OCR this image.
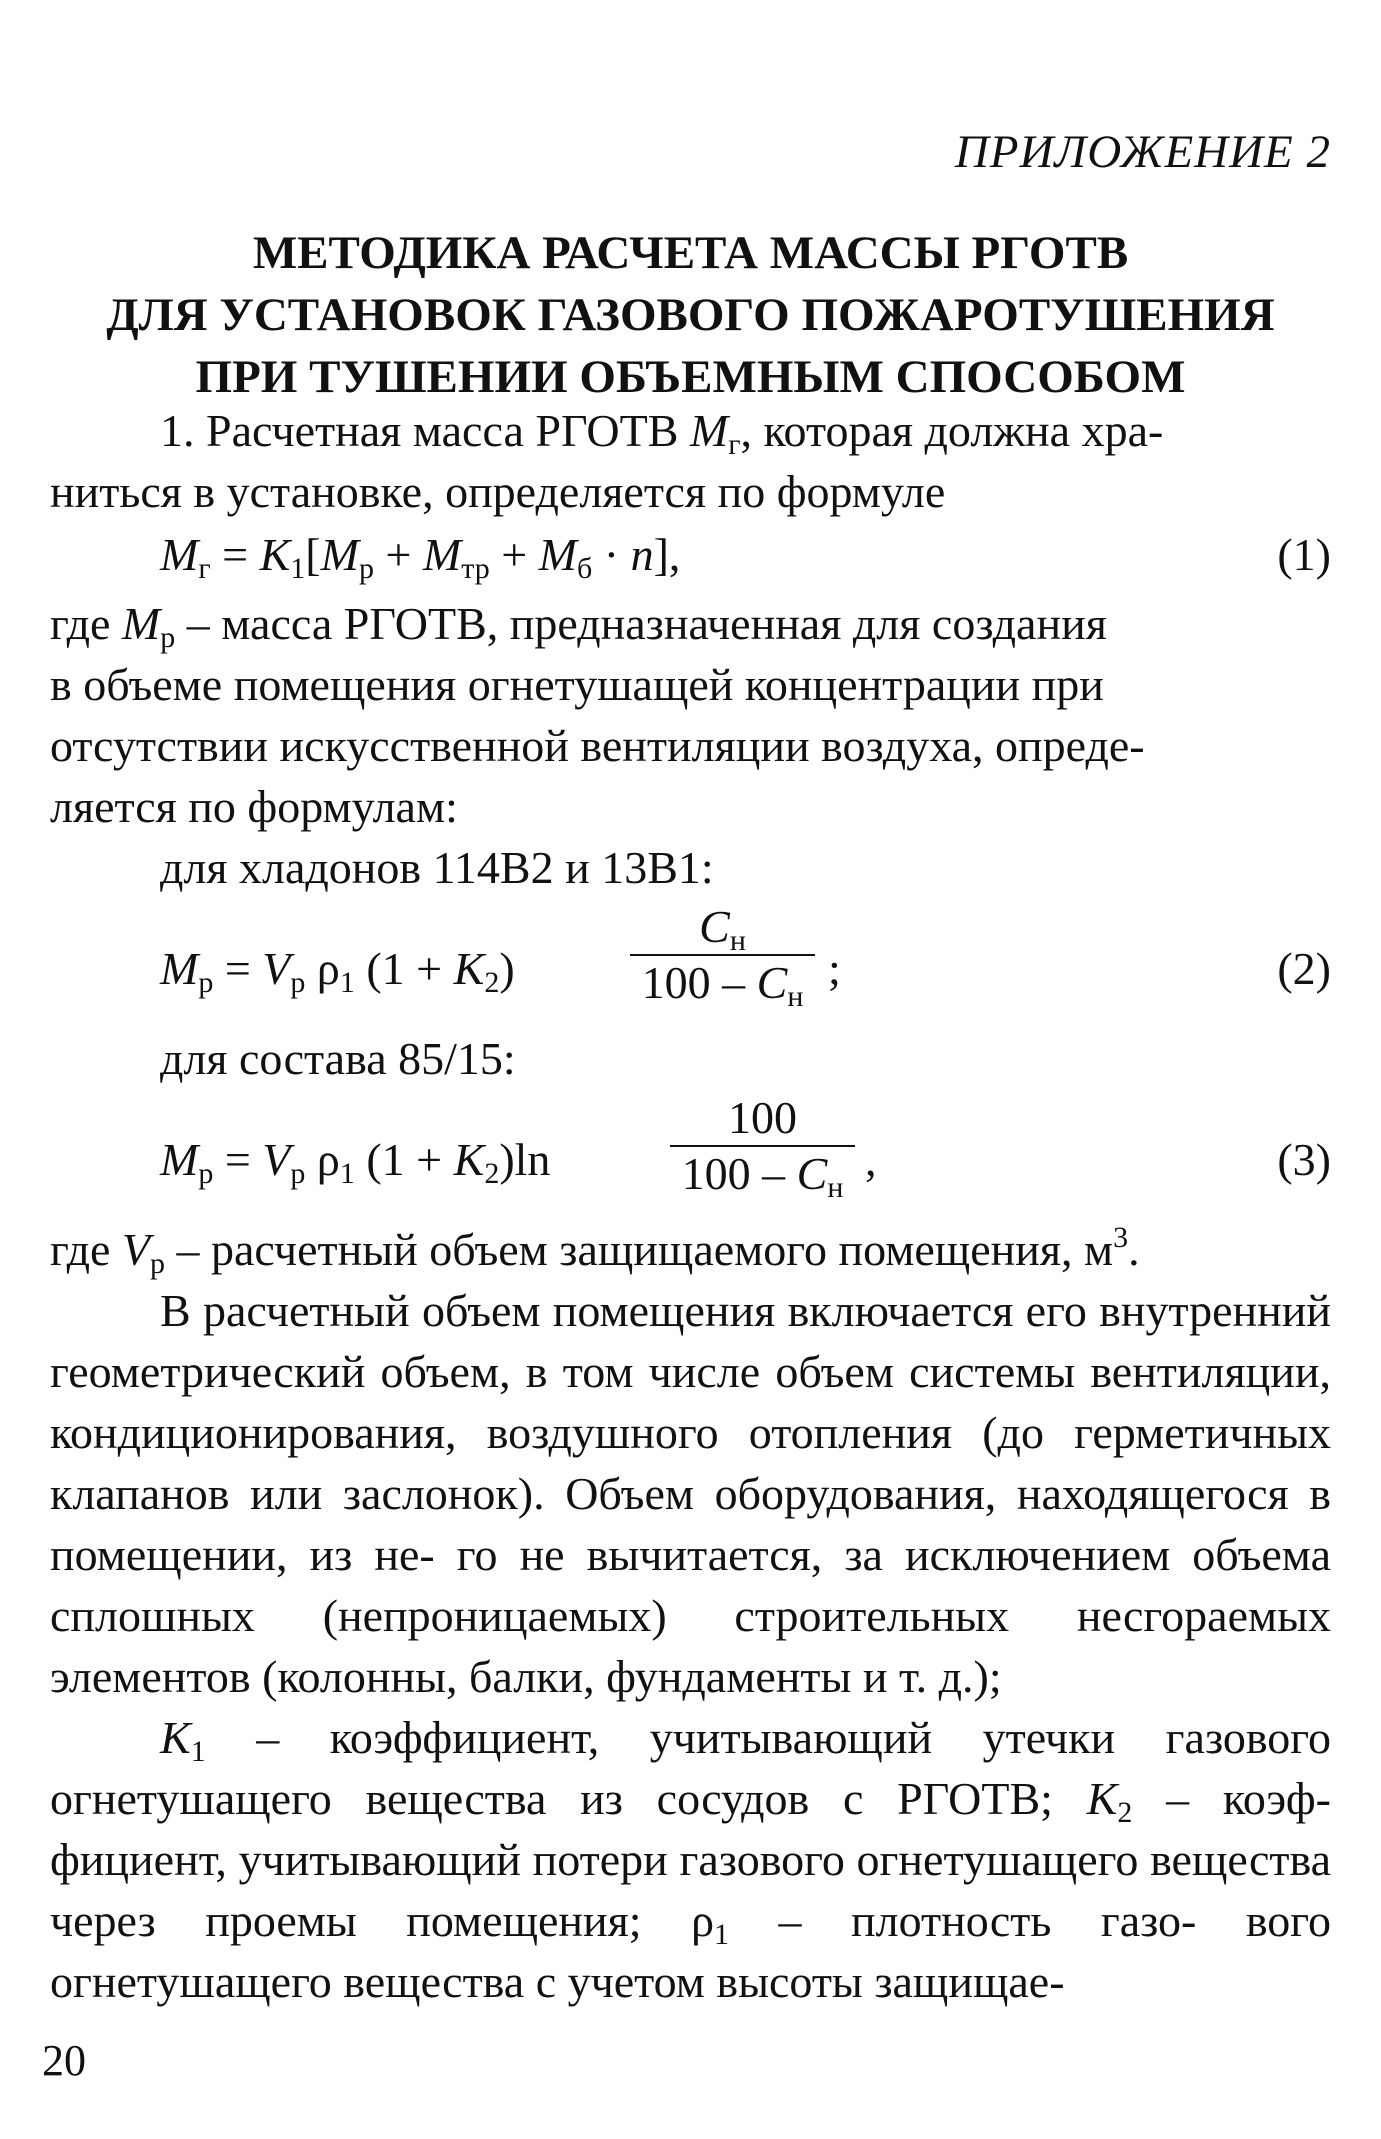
ПРИЛОЖЕНИЕ 2
МЕТОДИКА РАСЧЕТА МАССЫ РГОТВ
ДЛЯ УСТАНОВОК ГАЗОВОГО ПОЖАРОТУШЕНИЯ
ПРИ ТУШЕНИИ ОБЪЕМНЫМ СПОСОБОМ

1. Расчетная масса РГОТВ $M_г$, которая должна хра-
ниться в установке, определяется по формуле

$M_г = K_1[M_р + M_{тр} + M_б \cdot n]$,	(1)

где $M_р$ – масса РГОТВ, предназначенная для создания
в объеме помещения огнетушащей концентрации при
отсутствии искусственной вентиляции воздуха, опреде-
ляется по формулам:

для хладонов 114В2 и 13В1:

$M_р = V_р$ $\rho_1$ $(1 + K_2)$
$C_н$
$100 - C_н$
;	(2)

для состава 85/15:

$M_р = V_р$ $\rho_1$ $(1 + K_2)\ln$
100
$100 - C_н$
,	(3)

где $V_р$ – расчетный объем защищаемого помещения, $м^3$.

В расчетный объем помещения включается его внутренний геометрический объем, в том числе объем системы вентиляции, кондиционирования, воздушного отопления (до герметичных клапанов или заслонок). Объем оборудования, находящегося в помещении, из не- го не вычитается, за исключением объема сплошных (непроницаемых) строительных несгораемых элементов (колонны, балки, фундаменты и т. д.);

$K_1$ – коэффициент, учитывающий утечки газового огнетушащего вещества из сосудов с РГОТВ; $K_2$ – коэф- фициент, учитывающий потери газового огнетушащего вещества через проемы помещения; $\rho_1$ – плотность газо- вого огнетушащего вещества с учетом высоты защищае-

20
